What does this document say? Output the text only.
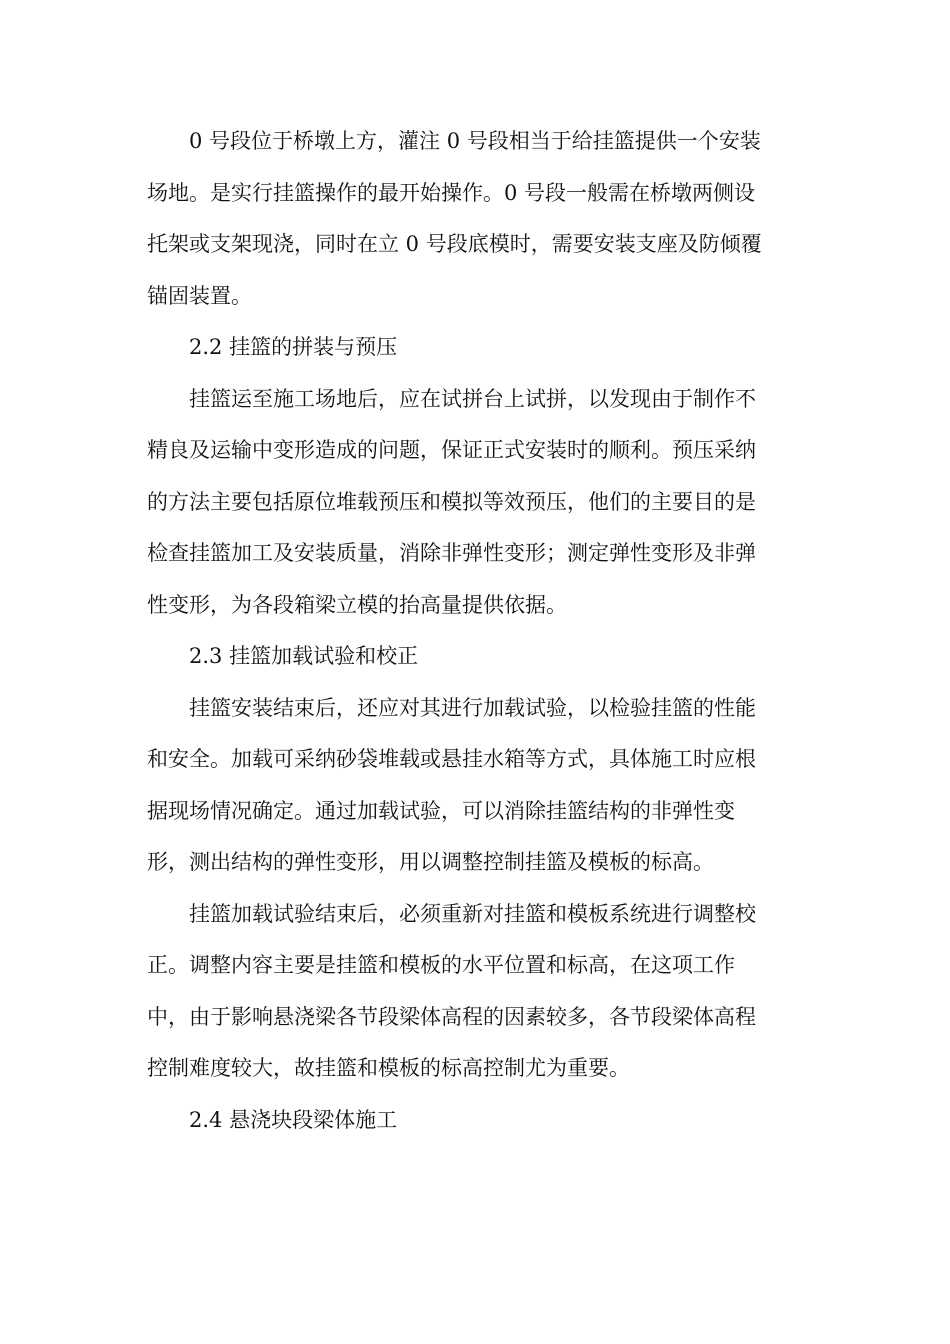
0 号段位于桥墩上方，灌注 0 号段相当于给挂篮提供一个安装
场地。是实行挂篮操作的最开始操作。0 号段一般需在桥墩两侧设
托架或支架现浇，同时在立 0 号段底模时，需要安装支座及防倾覆
锚固装置。

2.2 挂篮的拼装与预压

挂篮运至施工场地后，应在试拼台上试拼，以发现由于制作不
精良及运输中变形造成的问题，保证正式安装时的顺利。预压采纳
的方法主要包括原位堆载预压和模拟等效预压，他们的主要目的是
检查挂篮加工及安装质量，消除非弹性变形；测定弹性变形及非弹
性变形，为各段箱梁立模的抬高量提供依据。

2.3 挂篮加载试验和校正

挂篮安装结束后，还应对其进行加载试验，以检验挂篮的性能
和安全。加载可采纳砂袋堆载或悬挂水箱等方式，具体施工时应根
据现场情况确定。通过加载试验，可以消除挂篮结构的非弹性变
形，测出结构的弹性变形，用以调整控制挂篮及模板的标高。

挂篮加载试验结束后，必须重新对挂篮和模板系统进行调整校
正。调整内容主要是挂篮和模板的水平位置和标高，在这项工作
中，由于影响悬浇梁各节段梁体高程的因素较多，各节段梁体高程
控制难度较大，故挂篮和模板的标高控制尤为重要。

2.4 悬浇块段梁体施工
